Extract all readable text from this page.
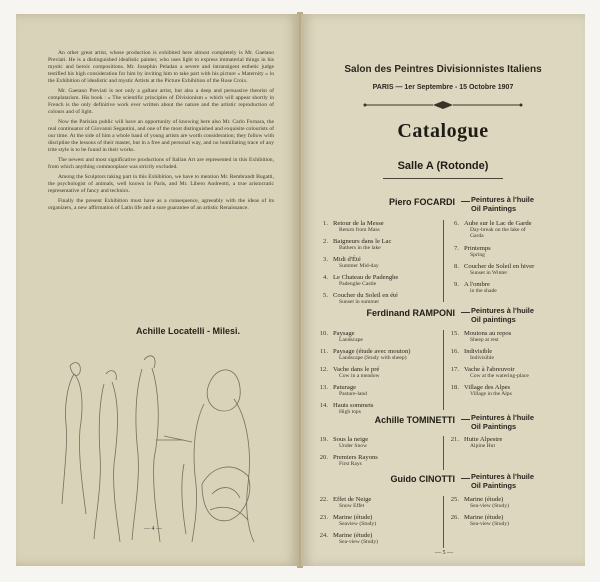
An other great artist, whose production is exhibited here almost completely is Mr. Gaetano Previati. He is a distinguished idealistic painter, who uses light to express immaterial things in his mystic and heroic compositions. Mr. Josephin Peladan a severe and intransigent esthetic judge testified his high consideration for him by inviting him to take part with his picture « Maternity » in the Exhibition of idealistic and mystic Artists at the Picture Exhibition of the Rose Croix.

Mr. Gaetano Previati is not only a gallant artist, but also a deep and persuasive theorist of complatarism. His book : « The scientific principles of Divisionism » which will appear shortly in French is the only definitive work ever written about the nature and the artistic reproduction of colours and of light.

Now the Parisian public will have an opportunity of knowing here also Mr. Carlo Fornara, the real continuator of Giovanni Segantini, and one of the most distinguished and exquisite colourists of our time. At the side of him a whole band of young artists are worth consideration; they follow with discipline the lessons of their master, but in a free and personal way, and no humiliating trace of any trite style is to be found in their works.

The newest and most significative productions of Italian Art are represented in this Exhibition, from which anything commonplace was strictly excluded.

Among the Sculptors taking part in this Exhibition, we have to mention Mr. Rembrandt Bugatti, the psychologist of animals, well known in Paris, and Mr. Libero Andreotti, a true aristocratic representative of fancy and technics.

Finally the present Exhibition must have as a consequence, agreeably with the ideas of its organizers, a new affirmation of Latin life and a sure guarantee of an artistic Renaissance.

Achille Locatelli - Milesi.
— 4 —
Salon des Peintres Divisionnistes Italiens
PARIS — 1er Septembre - 15 Octobre 1907
Catalogue
Salle A (Rotonde)
Piero FOCARDI — Peintures à l'huile
Oil Paintings
1. Retour de la Messe
Return from Mass
2. Baigneurs dans le Lac
Bathers in the lake
3. Midi d'Été
Summer Mid-day
4. Le Chateau de Padenghe
Padenghe Castle
5. Coucher du Soleil en été
Sunset in summer
6. Aube sur le Lac de Garde
Day-break on the lake of
Garda
7. Printemps
Spring
8. Coucher de Soleil en hiver
Sunset in Winter
9. A l'ombre
in the shade
Ferdinand RAMPONI — Peintures à l'huile
Oil paintings
10. Paysage
Landscape
11. Paysage (étude avec mouton)
Landscape (Study with sheep)
12. Vache dans le pré
Cow in a meadow
13. Paturage
Pasture-land
14. Hauts sommets
High tops
15. Moutons au repos
Sheep at rest
16. Indivisible
Indivisible
17. Vache à l'abreuvoir
Cow at the watering-place
18. Village des Alpes
Village in the Alps
Achille TOMINETTI — Peintures à l'huile
Oil Paintings
19. Sous la neige
Under Snow
20. Premiers Rayons
First Rays
21. Hutte Alpestre
Alpine Hut
Guido CINOTTI — Peintures à l'huile
Oil Paintings
22. Effet de Neige
Snow Effet
23. Marine (étude)
Seaview (Study)
24. Marine (étude)
Sea-view (Study)
25. Marine (étude)
Sea-view (Study)
26. Marine (étude)
Sea-view (Study)
— 5 —
